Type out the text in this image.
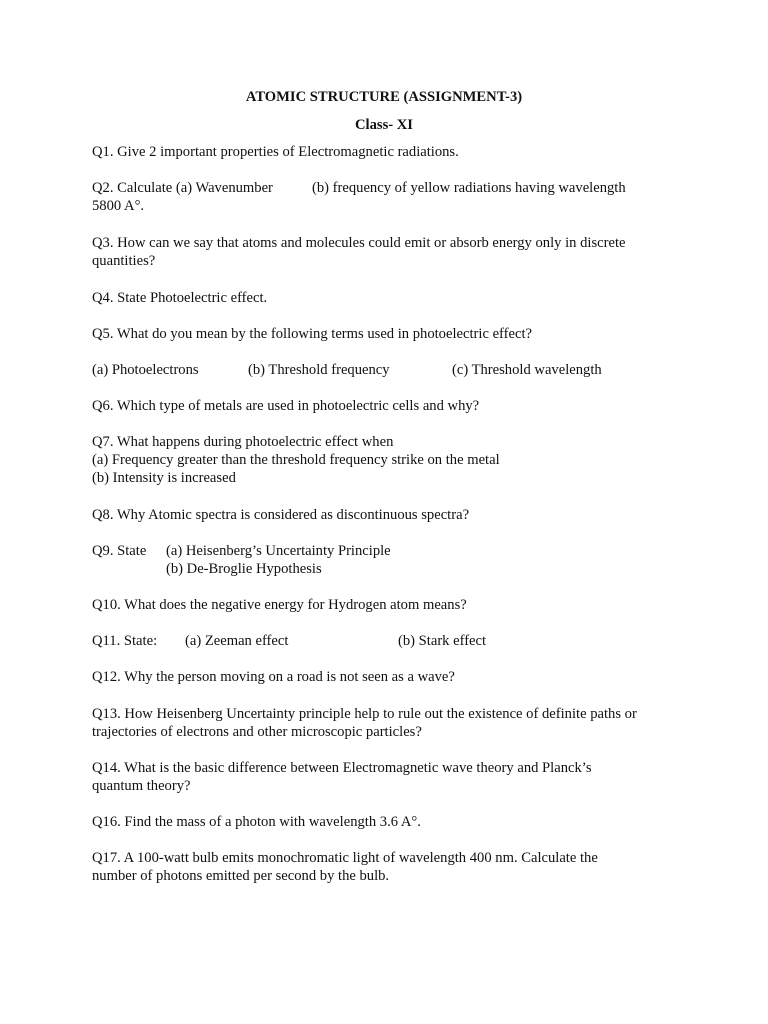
ATOMIC STRUCTURE (ASSIGNMENT-3)
Class- XI

Q1. Give 2 important properties of Electromagnetic radiations.

Q2. Calculate (a) Wavenumber	(b) frequency of yellow radiations having wavelength

5800 A°.

Q3. How can we say that atoms and molecules could emit or absorb energy only in discrete

quantities?

Q4. State Photoelectric effect.

Q5. What do you mean by the following terms used in photoelectric effect?

(a) Photoelectrons	(b) Threshold frequency	(c) Threshold wavelength

Q6. Which type of metals are used in photoelectric cells and why?

Q7. What happens during photoelectric effect when

(a) Frequency greater than the threshold frequency strike on the metal

(b) Intensity is increased

Q8. Why Atomic spectra is considered as discontinuous spectra?

Q9. State (a) Heisenberg’s Uncertainty Principle

(b) De-Broglie Hypothesis

Q10. What does the negative energy for Hydrogen atom means?

Q11. State: (a) Zeeman effect	(b) Stark effect

Q12. Why the person moving on a road is not seen as a wave?

Q13. How Heisenberg Uncertainty principle help to rule out the existence of definite paths or

trajectories of electrons and other microscopic particles?

Q14. What is the basic difference between Electromagnetic wave theory and Planck’s

quantum theory?

Q16. Find the mass of a photon with wavelength 3.6 A°.

Q17. A 100-watt bulb emits monochromatic light of wavelength 400 nm. Calculate the

number of photons emitted per second by the bulb.
